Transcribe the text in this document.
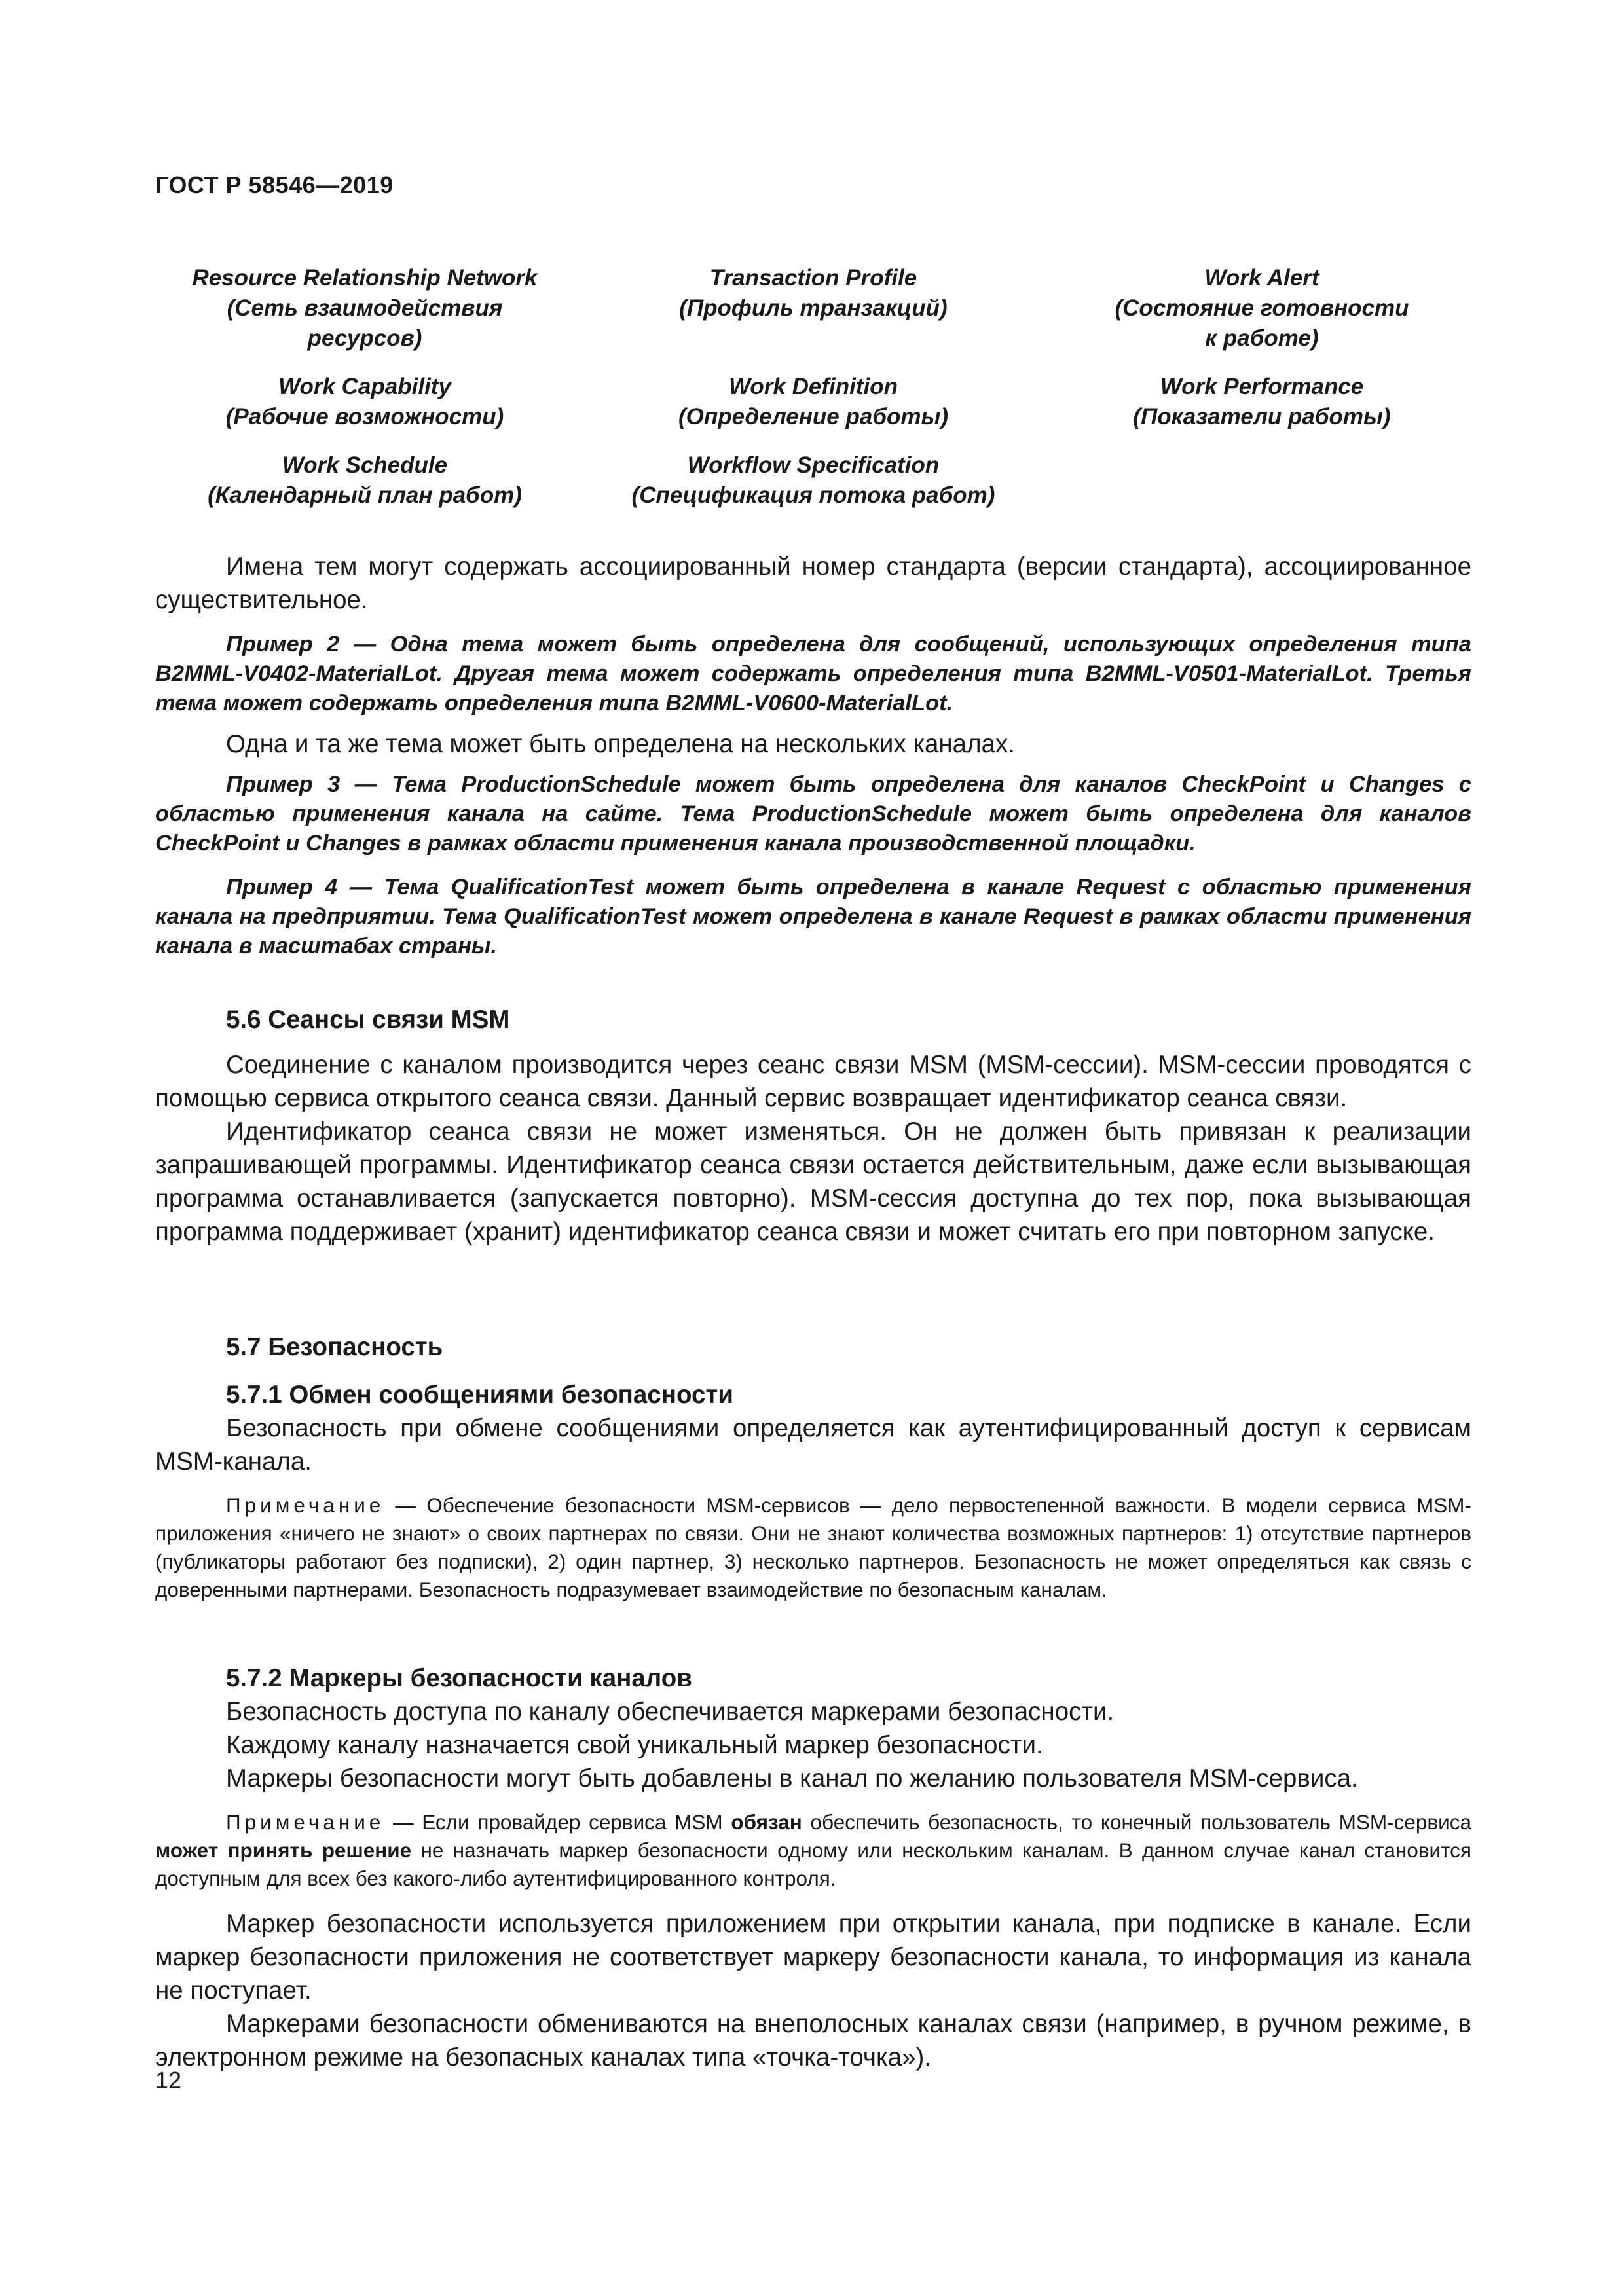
ГОСТ Р 58546—2019
Resource Relationship Network
(Сеть взаимодействия
ресурсов)
Transaction Profile
(Профиль транзакций)
Work Alert
(Состояние готовности
к работе)
Work Capability
(Рабочие возможности)
Work Definition
(Определение работы)
Work Performance
(Показатели работы)
Work Schedule
(Календарный план работ)
Workflow Specification
(Спецификация потока работ)

Имена тем могут содержать ассоциированный номер стандарта (версии стандарта), ассоциированное существительное.

Пример 2 — Одна тема может быть определена для сообщений, использующих определения типа B2MML-V0402-MaterialLot. Другая тема может содержать определения типа B2MML-V0501-MaterialLot. Третья тема может содержать определения типа B2MML-V0600-MaterialLot.

Одна и та же тема может быть определена на нескольких каналах.

Пример 3 — Тема ProductionSchedule может быть определена для каналов CheckPoint и Changes с областью применения канала на сайте. Тема ProductionSchedule может быть определена для каналов CheckPoint и Changes в рамках области применения канала производственной площадки.

Пример 4 — Тема QualificationTest может быть определена в канале Request с областью применения канала на предприятии. Тема QualificationTest может определена в канале Request в рамках области применения канала в масштабах страны.

5.6 Сеансы связи MSM

Соединение с каналом производится через сеанс связи MSM (MSM-сессии). MSM-сессии проводятся с помощью сервиса открытого сеанса связи. Данный сервис возвращает идентификатор сеанса связи.

Идентификатор сеанса связи не может изменяться. Он не должен быть привязан к реализации запрашивающей программы. Идентификатор сеанса связи остается действительным, даже если вызывающая программа останавливается (запускается повторно). MSM-сессия доступна до тех пор, пока вызывающая программа поддерживает (хранит) идентификатор сеанса связи и может считать его при повторном запуске.

5.7 Безопасность

5.7.1 Обмен сообщениями безопасности

Безопасность при обмене сообщениями определяется как аутентифицированный доступ к сервисам MSM-канала.

Примечание — Обеспечение безопасности MSM-сервисов — дело первостепенной важности. В модели сервиса MSM-приложения «ничего не знают» о своих партнерах по связи. Они не знают количества возможных партнеров: 1) отсутствие партнеров (публикаторы работают без подписки), 2) один партнер, 3) несколько партнеров. Безопасность не может определяться как связь с доверенными партнерами. Безопасность подразумевает взаимодействие по безопасным каналам.

5.7.2 Маркеры безопасности каналов

Безопасность доступа по каналу обеспечивается маркерами безопасности.

Каждому каналу назначается свой уникальный маркер безопасности.

Маркеры безопасности могут быть добавлены в канал по желанию пользователя MSM-сервиса.

Примечание — Если провайдер сервиса MSM обязан обеспечить безопасность, то конечный пользователь MSM-сервиса может принять решение не назначать маркер безопасности одному или нескольким каналам. В данном случае канал становится доступным для всех без какого-либо аутентифицированного контроля.

Маркер безопасности используется приложением при открытии канала, при подписке в канале. Если маркер безопасности приложения не соответствует маркеру безопасности канала, то информация из канала не поступает.

Маркерами безопасности обмениваются на внеполосных каналах связи (например, в ручном режиме, в электронном режиме на безопасных каналах типа «точка-точка»).

12
